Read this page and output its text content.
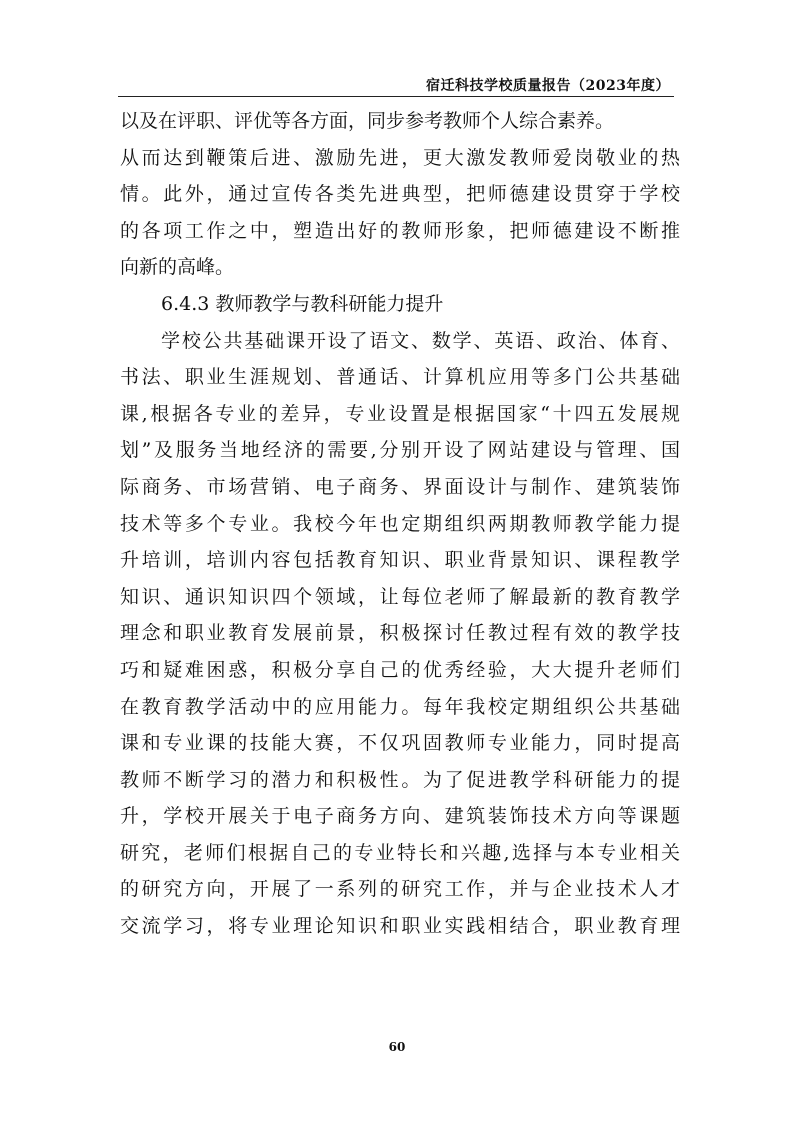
宿迁科技学校质量报告（2023年度）
以及在评职、评优等各方面，同步参考教师个人综合素养。
从而达到鞭策后进、激励先进，更大激发教师爱岗敬业的热
情。此外，通过宣传各类先进典型，把师德建设贯穿于学校
的各项工作之中，塑造出好的教师形象，把师德建设不断推
向新的高峰。
6.4.3 教师教学与教科研能力提升
学校公共基础课开设了语文、数学、英语、政治、体育、
书法、职业生涯规划、普通话、计算机应用等多门公共基础
课,根据各专业的差异，专业设置是根据国家“十四五发展规
划”及服务当地经济的需要,分别开设了网站建设与管理、国
际商务、市场营销、电子商务、界面设计与制作、建筑装饰
技术等多个专业。我校今年也定期组织两期教师教学能力提
升培训，培训内容包括教育知识、职业背景知识、课程教学
知识、通识知识四个领域，让每位老师了解最新的教育教学
理念和职业教育发展前景，积极探讨任教过程有效的教学技
巧和疑难困惑，积极分享自己的优秀经验，大大提升老师们
在教育教学活动中的应用能力。每年我校定期组织公共基础
课和专业课的技能大赛，不仅巩固教师专业能力，同时提高
教师不断学习的潜力和积极性。为了促进教学科研能力的提
升，学校开展关于电子商务方向、建筑装饰技术方向等课题
研究，老师们根据自己的专业特长和兴趣,选择与本专业相关
的研究方向，开展了一系列的研究工作，并与企业技术人才
交流学习，将专业理论知识和职业实践相结合，职业教育理
60
